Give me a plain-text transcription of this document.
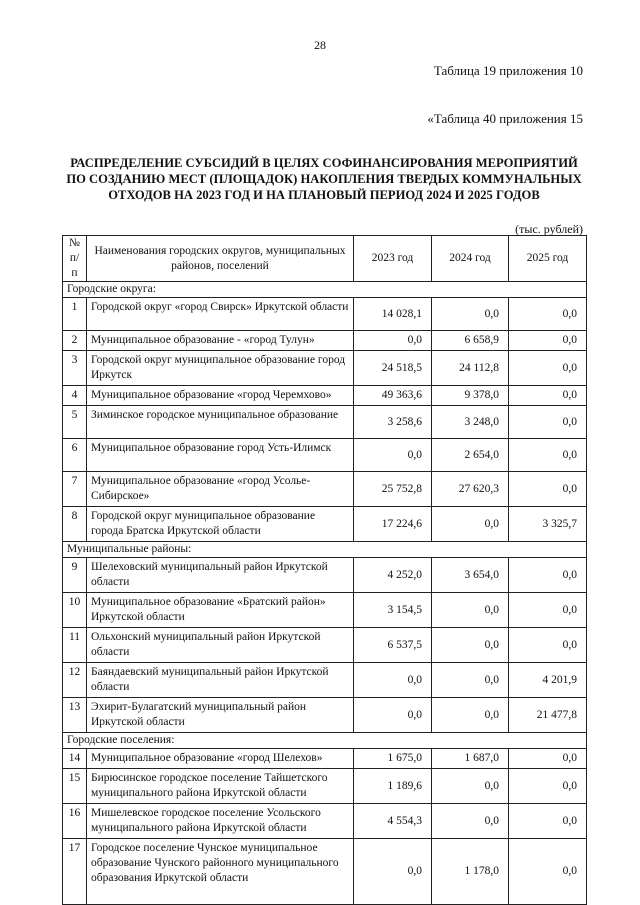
28
Таблица 19 приложения 10
«Таблица 40 приложения 15
РАСПРЕДЕЛЕНИЕ СУБСИДИЙ В ЦЕЛЯХ СОФИНАНСИРОВАНИЯ МЕРОПРИЯТИЙ
ПО СОЗДАНИЮ МЕСТ (ПЛОЩАДОК) НАКОПЛЕНИЯ ТВЕРДЫХ КОММУНАЛЬНЫХ
ОТХОДОВ НА 2023 ГОД И НА ПЛАНОВЫЙ ПЕРИОД 2024 И 2025 ГОДОВ
(тыс. рублей)
№ п/п	Наименования городских округов, муниципальных районов, поселений	2023 год	2024 год	2025 год
Городские округа:				
1	Городской округ «город Свирск» Иркутской области	14 028,1	0,0	0,0
2	Муниципальное образование - «город Тулун»	0,0	6 658,9	0,0
3	Городской округ муниципальное образование город Иркутск	24 518,5	24 112,8	0,0
4	Муниципальное образование «город Черемхово»	49 363,6	9 378,0	0,0
5	Зиминское городское муниципальное образование	3 258,6	3 248,0	0,0
6	Муниципальное образование город Усть-Илимск	0,0	2 654,0	0,0
7	Муниципальное образование «город Усолье-Сибирское»	25 752,8	27 620,3	0,0
8	Городской округ муниципальное образование города Братска Иркутской области	17 224,6	0,0	3 325,7
Муниципальные районы:				
9	Шелеховский муниципальный район Иркутской области	4 252,0	3 654,0	0,0
10	Муниципальное образование «Братский район» Иркутской области	3 154,5	0,0	0,0
11	Ольхонский муниципальный район Иркутской области	6 537,5	0,0	0,0
12	Баяндаевский муниципальный район Иркутской области	0,0	0,0	4 201,9
13	Эхирит-Булагатский муниципальный район Иркутской области	0,0	0,0	21 477,8
Городские поселения:				
14	Муниципальное образование «город Шелехов»	1 675,0	1 687,0	0,0
15	Бирюсинское городское поселение Тайшетского муниципального района Иркутской области	1 189,6	0,0	0,0
16	Мишелевское городское поселение Усольского муниципального района Иркутской области	4 554,3	0,0	0,0
17	Городское поселение Чунское муниципальное образование Чунского районного муниципального образования Иркутской области	0,0	1 178,0	0,0
